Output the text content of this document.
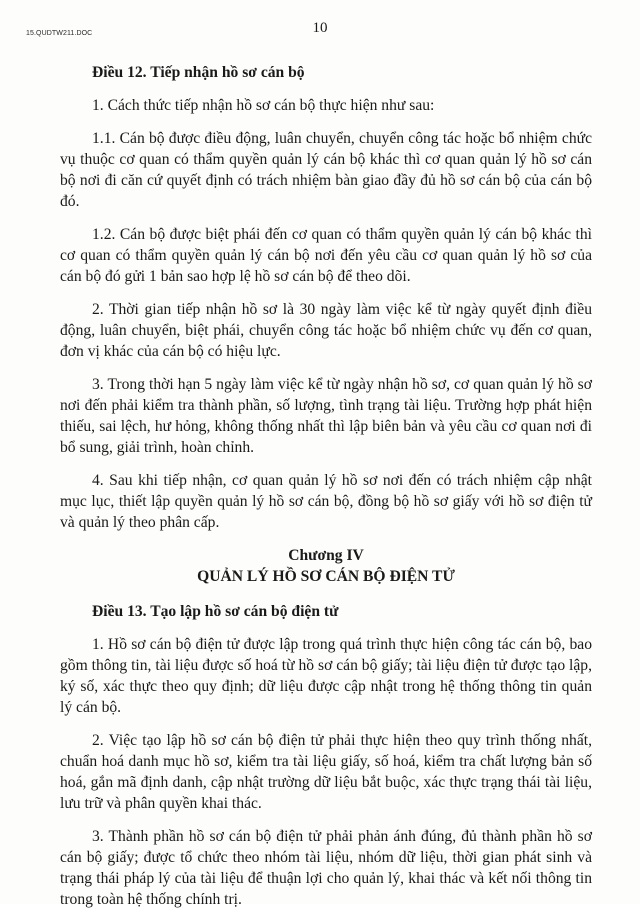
15.QUDTW211.DOC	10
Điều 12. Tiếp nhận hồ sơ cán bộ

1. Cách thức tiếp nhận hồ sơ cán bộ thực hiện như sau:

1.1. Cán bộ được điều động, luân chuyển, chuyển công tác hoặc bổ nhiệm chức vụ thuộc cơ quan có thẩm quyền quản lý cán bộ khác thì cơ quan quản lý hồ sơ cán bộ nơi đi căn cứ quyết định có trách nhiệm bàn giao đầy đủ hồ sơ cán bộ của cán bộ đó.

1.2. Cán bộ được biệt phái đến cơ quan có thẩm quyền quản lý cán bộ khác thì cơ quan có thẩm quyền quản lý cán bộ nơi đến yêu cầu cơ quan quản lý hồ sơ của cán bộ đó gửi 1 bản sao hợp lệ hồ sơ cán bộ để theo dõi.

2. Thời gian tiếp nhận hồ sơ là 30 ngày làm việc kể từ ngày quyết định điều động, luân chuyển, biệt phái, chuyển công tác hoặc bổ nhiệm chức vụ đến cơ quan, đơn vị khác của cán bộ có hiệu lực.

3. Trong thời hạn 5 ngày làm việc kể từ ngày nhận hồ sơ, cơ quan quản lý hồ sơ nơi đến phải kiểm tra thành phần, số lượng, tình trạng tài liệu. Trường hợp phát hiện thiếu, sai lệch, hư hỏng, không thống nhất thì lập biên bản và yêu cầu cơ quan nơi đi bổ sung, giải trình, hoàn chỉnh.

4. Sau khi tiếp nhận, cơ quan quản lý hồ sơ nơi đến có trách nhiệm cập nhật mục lục, thiết lập quyền quản lý hồ sơ cán bộ, đồng bộ hồ sơ giấy với hồ sơ điện tử và quản lý theo phân cấp.

Chương IV
QUẢN LÝ HỒ SƠ CÁN BỘ ĐIỆN TỬ
Điều 13. Tạo lập hồ sơ cán bộ điện tử

1. Hồ sơ cán bộ điện tử được lập trong quá trình thực hiện công tác cán bộ, bao gồm thông tin, tài liệu được số hoá từ hồ sơ cán bộ giấy; tài liệu điện tử được tạo lập, ký số, xác thực theo quy định; dữ liệu được cập nhật trong hệ thống thông tin quản lý cán bộ.

2. Việc tạo lập hồ sơ cán bộ điện tử phải thực hiện theo quy trình thống nhất, chuẩn hoá danh mục hồ sơ, kiểm tra tài liệu giấy, số hoá, kiểm tra chất lượng bản số hoá, gắn mã định danh, cập nhật trường dữ liệu bắt buộc, xác thực trạng thái tài liệu, lưu trữ và phân quyền khai thác.

3. Thành phần hồ sơ cán bộ điện tử phải phản ánh đúng, đủ thành phần hồ sơ cán bộ giấy; được tổ chức theo nhóm tài liệu, nhóm dữ liệu, thời gian phát sinh và trạng thái pháp lý của tài liệu để thuận lợi cho quản lý, khai thác và kết nối thông tin trong toàn hệ thống chính trị.
